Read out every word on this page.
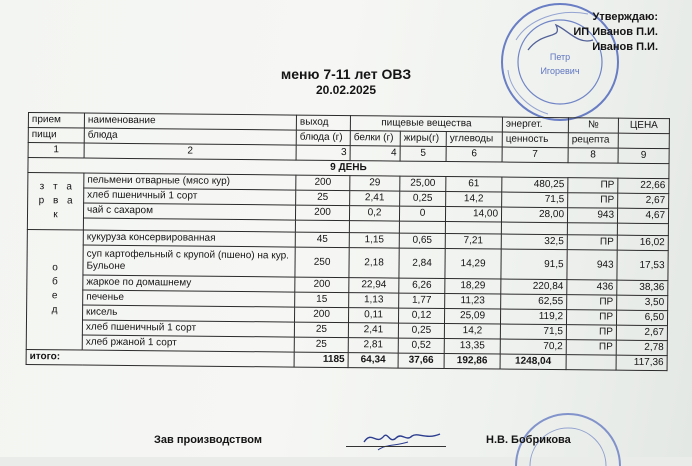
Петр
Игоревич
Утверждаю:
ИП Иванов П.И.
Иванов П.И.
меню 7-11 лет ОВЗ
20.02.2025
прием	наименование	выход	пищевые вещества			энергет.	№	ЦЕНА
пищи	блюда	блюда (г)	белки (г)	жиры(г)	углеводы	ценность	рецепта	
1	2	3	4	5	6	7	8	9
9 ДЕНЬ								
з т а р в а к	пельмени отварные (мясо кур)	200	29	25,00	61	480,25	ПР	22,66
	хлеб пшеничный 1 сорт	25	2,41	0,25	14,2	71,5	ПР	2,67
	чай с сахаром	200	0,2	0	14,00	28,00	943	4,67

о б е д	кукуруза консервированная	45	1,15	0,65	7,21	32,5	ПР	16,02
	суп картофельный с крупой (пшено) на кур. Бульоне	250	2,18	2,84	14,29	91,5	943	17,53
	жаркое по домашнему	200	22,94	6,26	18,29	220,84	436	38,36
	печенье	15	1,13	1,77	11,23	62,55	ПР	3,50
	кисель	200	0,11	0,12	25,09	119,2	ПР	6,50
	хлеб пшеничный 1 сорт	25	2,41	0,25	14,2	71,5	ПР	2,67
	хлеб ржаной 1 сорт	25	2,81	0,52	13,35	70,2	ПР	2,78
итого:		1185	64,34	37,66	192,86	1248,04		117,36
Зав производством	Н.В. Бобрикова
